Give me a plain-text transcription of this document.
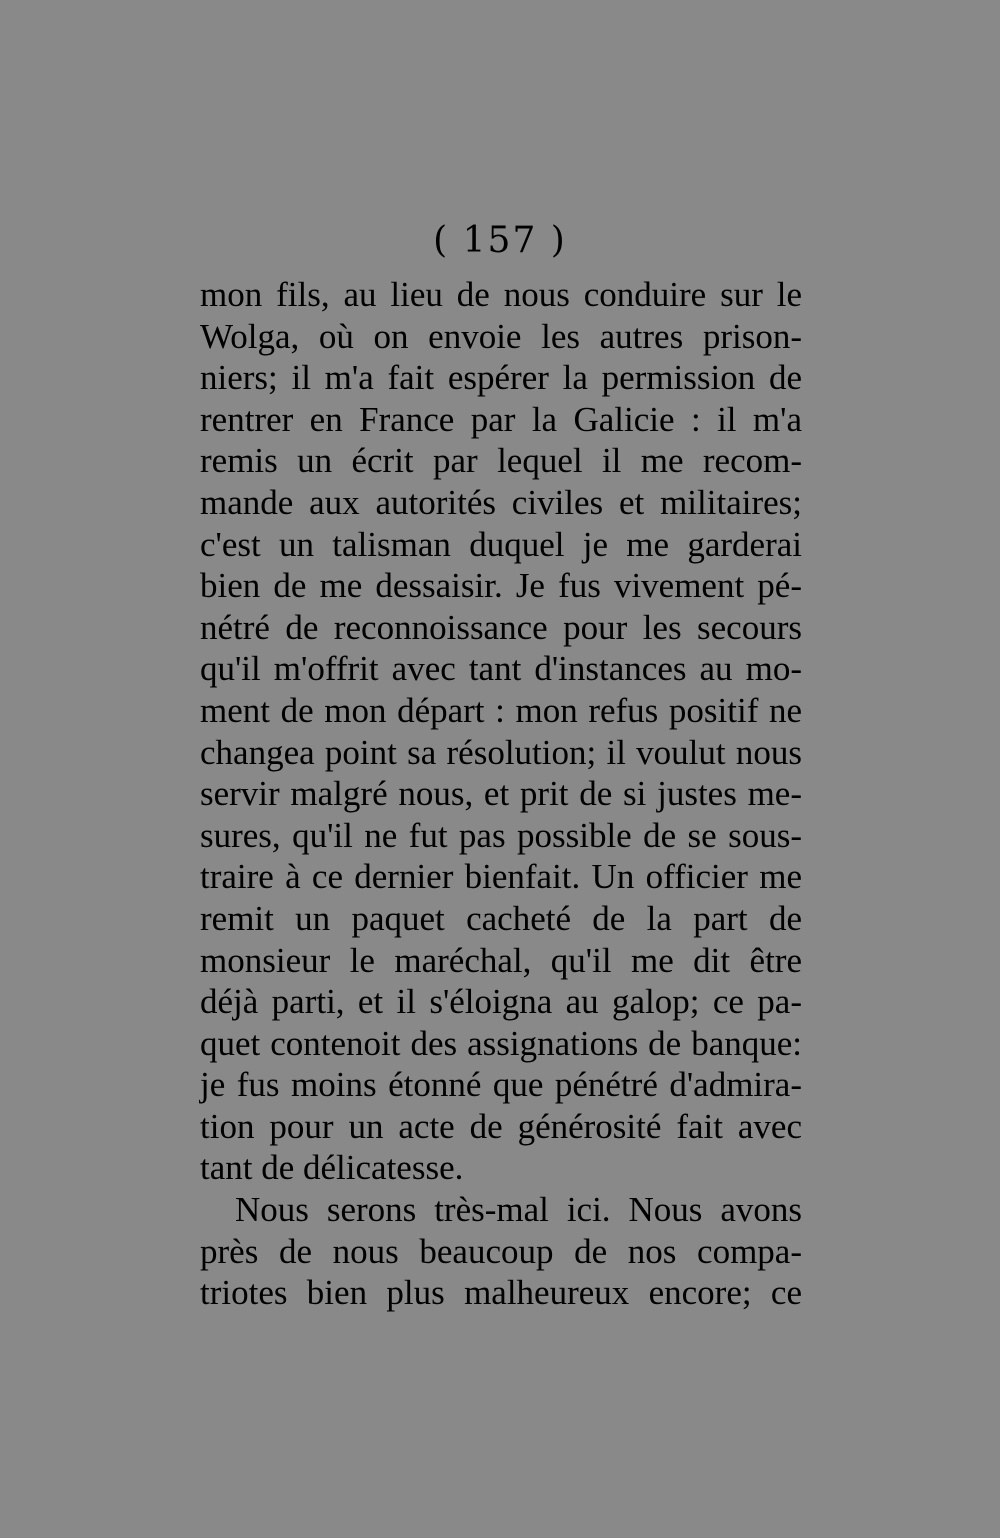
( 157 )
mon fils, au lieu de nous conduire sur le
Wolga, où on envoie les autres prison-
niers; il m'a fait espérer la permission de
rentrer en France par la Galicie : il m'a
remis un écrit par lequel il me recom-
mande aux autorités civiles et militaires;
c'est un talisman duquel je me garderai
bien de me dessaisir. Je fus vivement pé-
nétré de reconnoissance pour les secours
qu'il m'offrit avec tant d'instances au mo-
ment de mon départ : mon refus positif ne
changea point sa résolution; il voulut nous
servir malgré nous, et prit de si justes me-
sures, qu'il ne fut pas possible de se sous-
traire à ce dernier bienfait. Un officier me
remit un paquet cacheté de la part de
monsieur le maréchal, qu'il me dit être
déjà parti, et il s'éloigna au galop; ce pa-
quet contenoit des assignations de banque:
je fus moins étonné que pénétré d'admira-
tion pour un acte de générosité fait avec
tant de délicatesse.
Nous serons très-mal ici. Nous avons
près de nous beaucoup de nos compa-
triotes bien plus malheureux encore; ce
